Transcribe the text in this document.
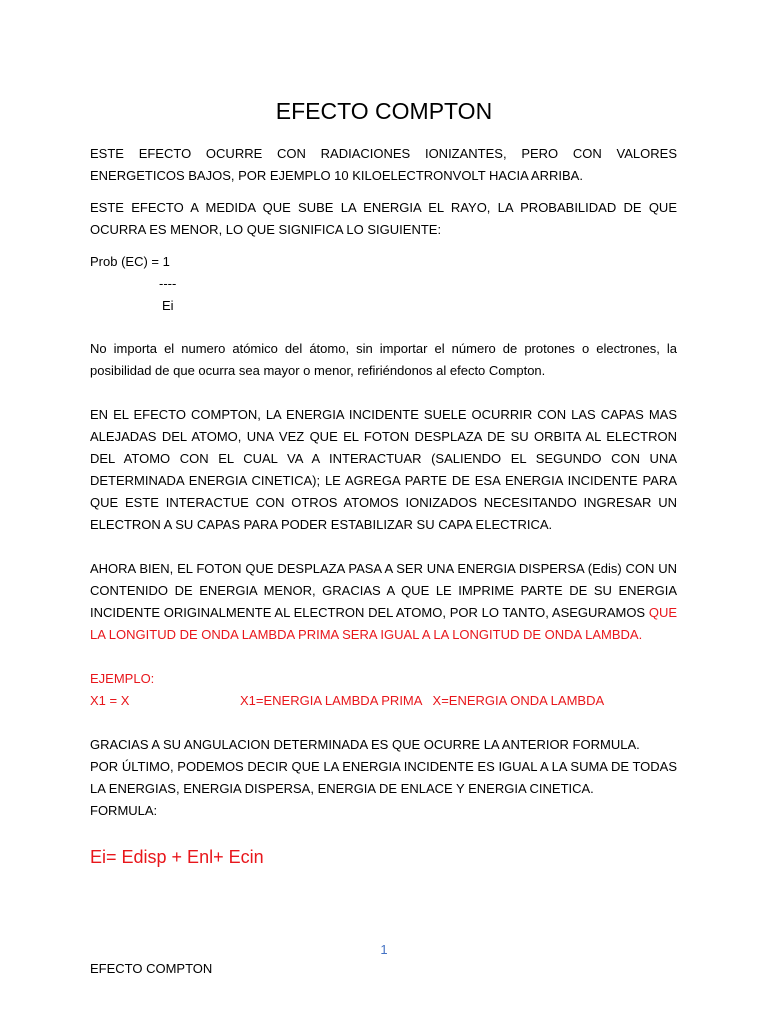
EFECTO COMPTON

ESTE EFECTO OCURRE CON RADIACIONES IONIZANTES, PERO CON VALORES ENERGETICOS BAJOS, POR EJEMPLO 10 KILOELECTRONVOLT HACIA ARRIBA.

ESTE EFECTO A MEDIDA QUE SUBE LA ENERGIA EL RAYO, LA PROBABILIDAD DE QUE OCURRA ES MENOR, LO QUE SIGNIFICA LO SIGUIENTE:

Prob (EC) = 1
----
Ei

No importa el numero atómico del átomo, sin importar el número de protones o electrones, la posibilidad de que ocurra sea mayor o menor, refiriéndonos al efecto Compton.

EN EL EFECTO COMPTON, LA ENERGIA INCIDENTE SUELE OCURRIR CON LAS CAPAS MAS ALEJADAS DEL ATOMO, UNA VEZ QUE EL FOTON DESPLAZA DE SU ORBITA AL ELECTRON DEL ATOMO CON EL CUAL VA A INTERACTUAR (SALIENDO EL SEGUNDO CON UNA DETERMINADA ENERGIA CINETICA); LE AGREGA PARTE DE ESA ENERGIA INCIDENTE PARA QUE ESTE INTERACTUE CON OTROS ATOMOS IONIZADOS NECESITANDO INGRESAR UN ELECTRON A SU CAPAS PARA PODER ESTABILIZAR SU CAPA ELECTRICA.

AHORA BIEN, EL FOTON QUE DESPLAZA PASA A SER UNA ENERGIA DISPERSA (Edis) CON UN CONTENIDO DE ENERGIA MENOR, GRACIAS A QUE LE IMPRIME PARTE DE SU ENERGIA INCIDENTE ORIGINALMENTE AL ELECTRON DEL ATOMO, POR LO TANTO, ASEGURAMOS QUE LA LONGITUD DE ONDA LAMBDA PRIMA SERA IGUAL A LA LONGITUD DE ONDA LAMBDA.

EJEMPLO:
X1 = X	X1=ENERGIA LAMBDA PRIMA   X=ENERGIA ONDA LAMBDA
GRACIAS A SU ANGULACION DETERMINADA ES QUE OCURRE LA ANTERIOR FORMULA.
POR ÚLTIMO, PODEMOS DECIR QUE LA ENERGIA INCIDENTE ES IGUAL A LA SUMA DE TODAS LA ENERGIAS, ENERGIA DISPERSA, ENERGIA DE ENLACE Y ENERGIA CINETICA.
FORMULA:
Ei= Edisp + Enl+ Ecin
1
EFECTO COMPTON
